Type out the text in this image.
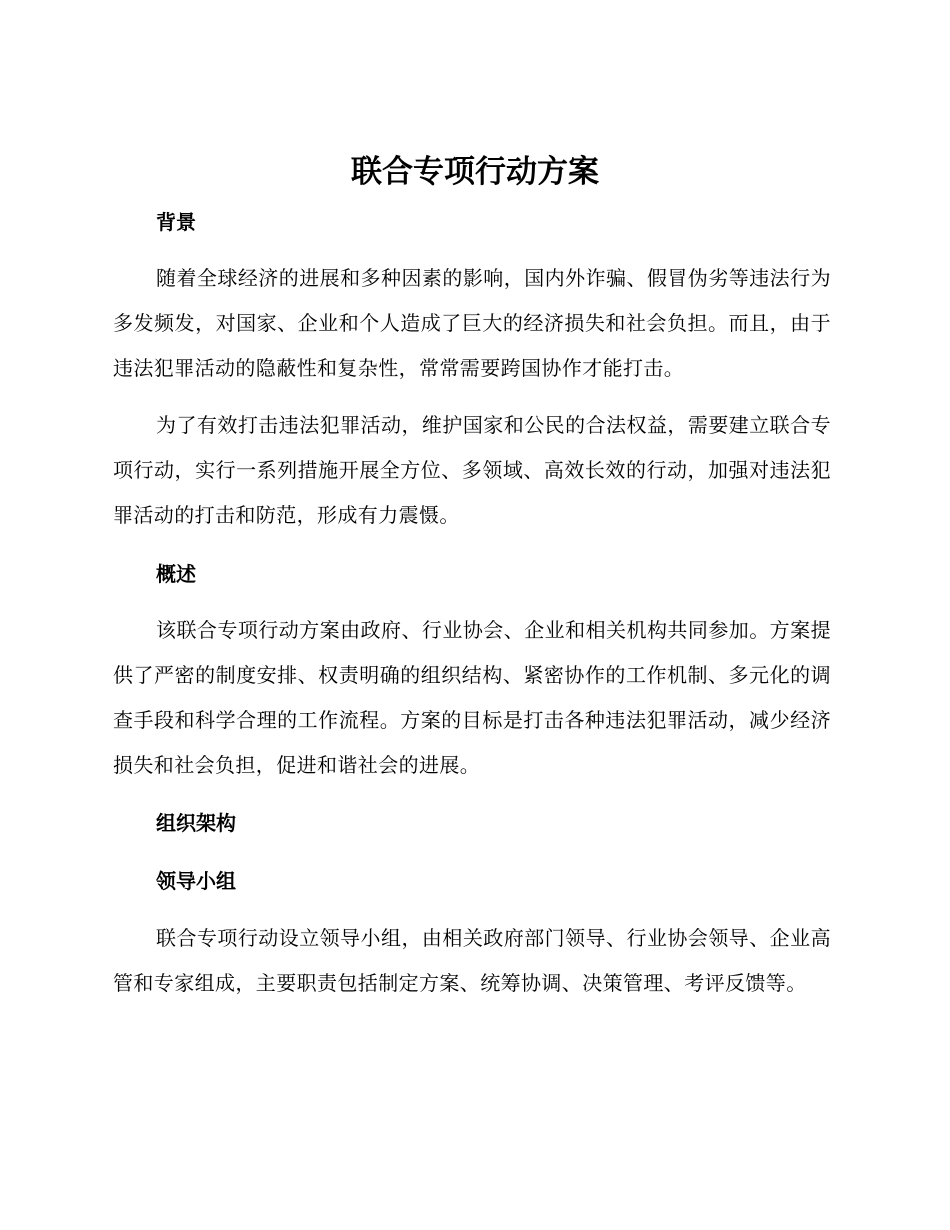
联合专项行动方案
背景

随着全球经济的进展和多种因素的影响，国内外诈骗、假冒伪劣等违法行为多发频发，对国家、企业和个人造成了巨大的经济损失和社会负担。而且，由于违法犯罪活动的隐蔽性和复杂性，常常需要跨国协作才能打击。

为了有效打击违法犯罪活动，维护国家和公民的合法权益，需要建立联合专项行动，实行一系列措施开展全方位、多领域、高效长效的行动，加强对违法犯罪活动的打击和防范，形成有力震慑。

概述

该联合专项行动方案由政府、行业协会、企业和相关机构共同参加。方案提供了严密的制度安排、权责明确的组织结构、紧密协作的工作机制、多元化的调查手段和科学合理的工作流程。方案的目标是打击各种违法犯罪活动，减少经济损失和社会负担，促进和谐社会的进展。

组织架构
领导小组

联合专项行动设立领导小组，由相关政府部门领导、行业协会领导、企业高管和专家组成，主要职责包括制定方案、统筹协调、决策管理、考评反馈等。
